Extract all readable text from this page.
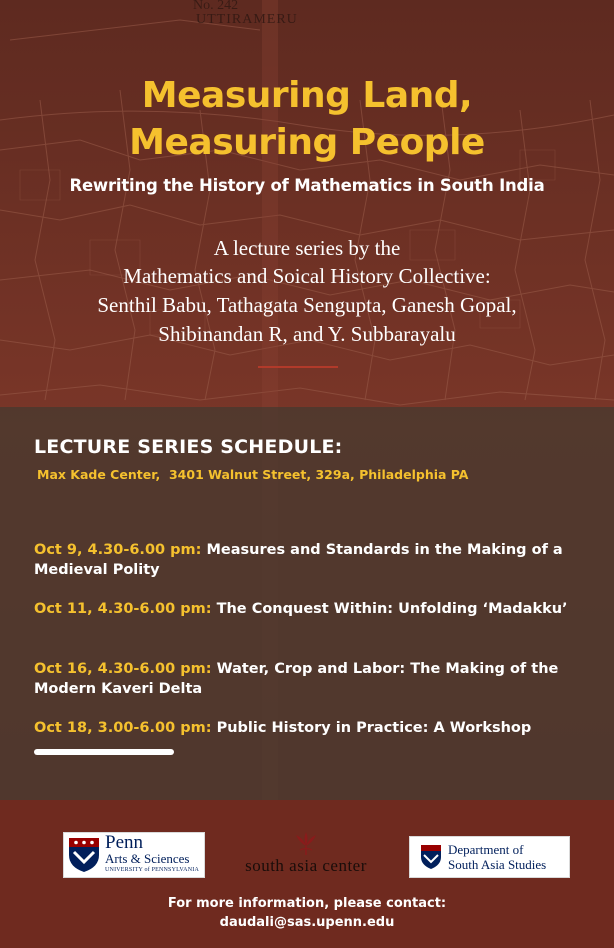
No. 242
UTTIRAMERU
Measuring Land,
Measuring People
Rewriting the History of Mathematics in South India
A lecture series by the
Mathematics and Soical History Collective:
Senthil Babu, Tathagata Sengupta, Ganesh Gopal,
Shibinandan R, and Y. Subbarayalu
LECTURE SERIES SCHEDULE:
Max Kade Center,  3401 Walnut Street, 329a, Philadelphia PA
Oct 9, 4.30-6.00 pm: Measures and Standards in the Making of a Medieval Polity
Oct 11, 4.30-6.00 pm: The Conquest Within: Unfolding ‘Madakku’
Oct 16, 4.30-6.00 pm: Water, Crop and Labor: The Making of the Modern Kaveri Delta
Oct 18, 3.00-6.00 pm: Public History in Practice: A Workshop
Penn
Arts & Sciences
UNIVERSITY of PENNSYLVANIA	south asia center
Department of
South Asia Studies
For more information, please contact:
daudali@sas.upenn.edu
